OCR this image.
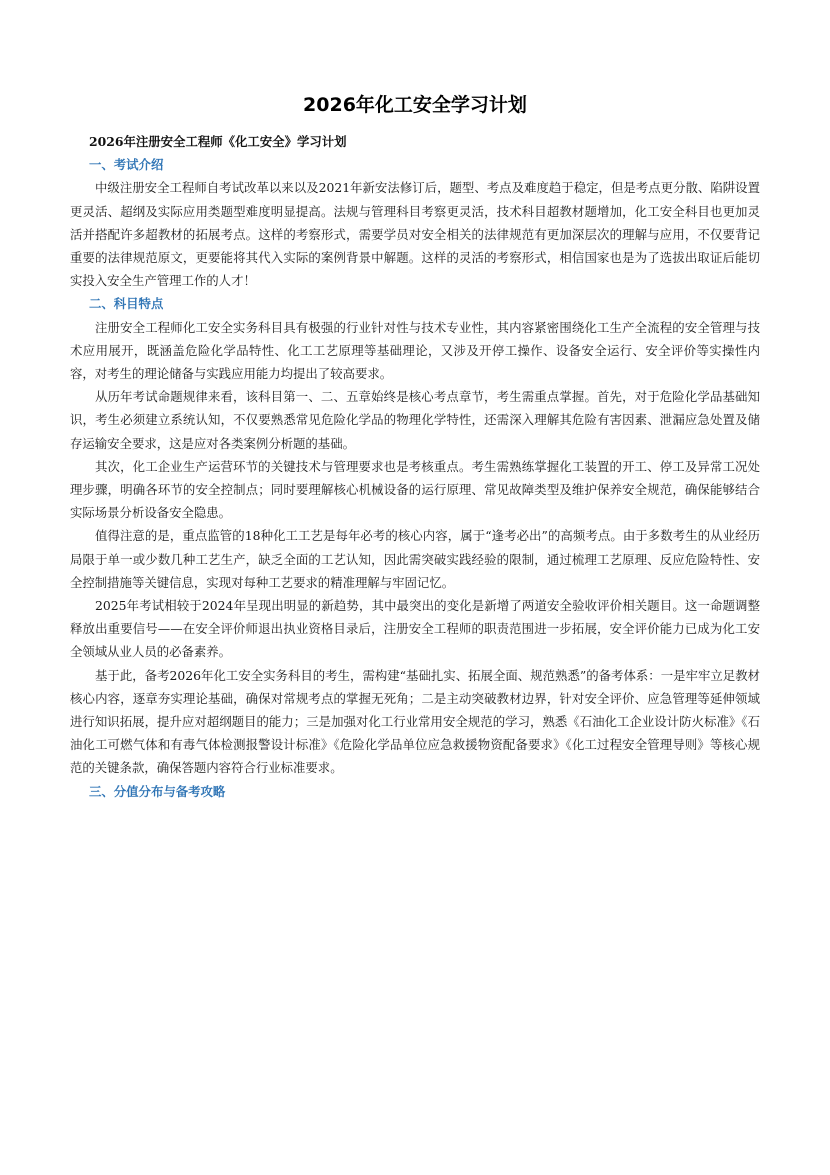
2026年化工安全学习计划

2026年注册安全工程师《化工安全》学习计划

一、考试介绍

中级注册安全工程师自考试改革以来以及2021年新安法修订后，题型、考点及难度趋于稳定，但是考点更分散、陷阱设置更灵活、超纲及实际应用类题型难度明显提高。法规与管理科目考察更灵活，技术科目超教材题增加，化工安全科目也更加灵活并搭配许多超教材的拓展考点。这样的考察形式，需要学员对安全相关的法律规范有更加深层次的理解与应用，不仅要背记重要的法律规范原文，更要能将其代入实际的案例背景中解题。这样的灵活的考察形式，相信国家也是为了选拔出取证后能切实投入安全生产管理工作的人才！

二、科目特点

注册安全工程师化工安全实务科目具有极强的行业针对性与技术专业性，其内容紧密围绕化工生产全流程的安全管理与技术应用展开，既涵盖危险化学品特性、化工工艺原理等基础理论，又涉及开停工操作、设备安全运行、安全评价等实操性内容，对考生的理论储备与实践应用能力均提出了较高要求。

从历年考试命题规律来看，该科目第一、二、五章始终是核心考点章节，考生需重点掌握。首先，对于危险化学品基础知识，考生必须建立系统认知，不仅要熟悉常见危险化学品的物理化学特性，还需深入理解其危险有害因素、泄漏应急处置及储存运输安全要求，这是应对各类案例分析题的基础。

其次，化工企业生产运营环节的关键技术与管理要求也是考核重点。考生需熟练掌握化工装置的开工、停工及异常工况处理步骤，明确各环节的安全控制点；同时要理解核心机械设备的运行原理、常见故障类型及维护保养安全规范，确保能够结合实际场景分析设备安全隐患。

值得注意的是，重点监管的18种化工工艺是每年必考的核心内容，属于“逢考必出”的高频考点。由于多数考生的从业经历局限于单一或少数几种工艺生产，缺乏全面的工艺认知，因此需突破实践经验的限制，通过梳理工艺原理、反应危险特性、安全控制措施等关键信息，实现对每种工艺要求的精准理解与牢固记忆。

2025年考试相较于2024年呈现出明显的新趋势，其中最突出的变化是新增了两道安全验收评价相关题目。这一命题调整释放出重要信号——在安全评价师退出执业资格目录后，注册安全工程师的职责范围进一步拓展，安全评价能力已成为化工安全领域从业人员的必备素养。

基于此，备考2026年化工安全实务科目的考生，需构建“基础扎实、拓展全面、规范熟悉”的备考体系：一是牢牢立足教材核心内容，逐章夯实理论基础，确保对常规考点的掌握无死角；二是主动突破教材边界，针对安全评价、应急管理等延伸领域进行知识拓展，提升应对超纲题目的能力；三是加强对化工行业常用安全规范的学习，熟悉《石油化工企业设计防火标准》《石油化工可燃气体和有毒气体检测报警设计标准》《危险化学品单位应急救援物资配备要求》《化工过程安全管理导则》等核心规范的关键条款，确保答题内容符合行业标准要求。

三、分值分布与备考攻略
